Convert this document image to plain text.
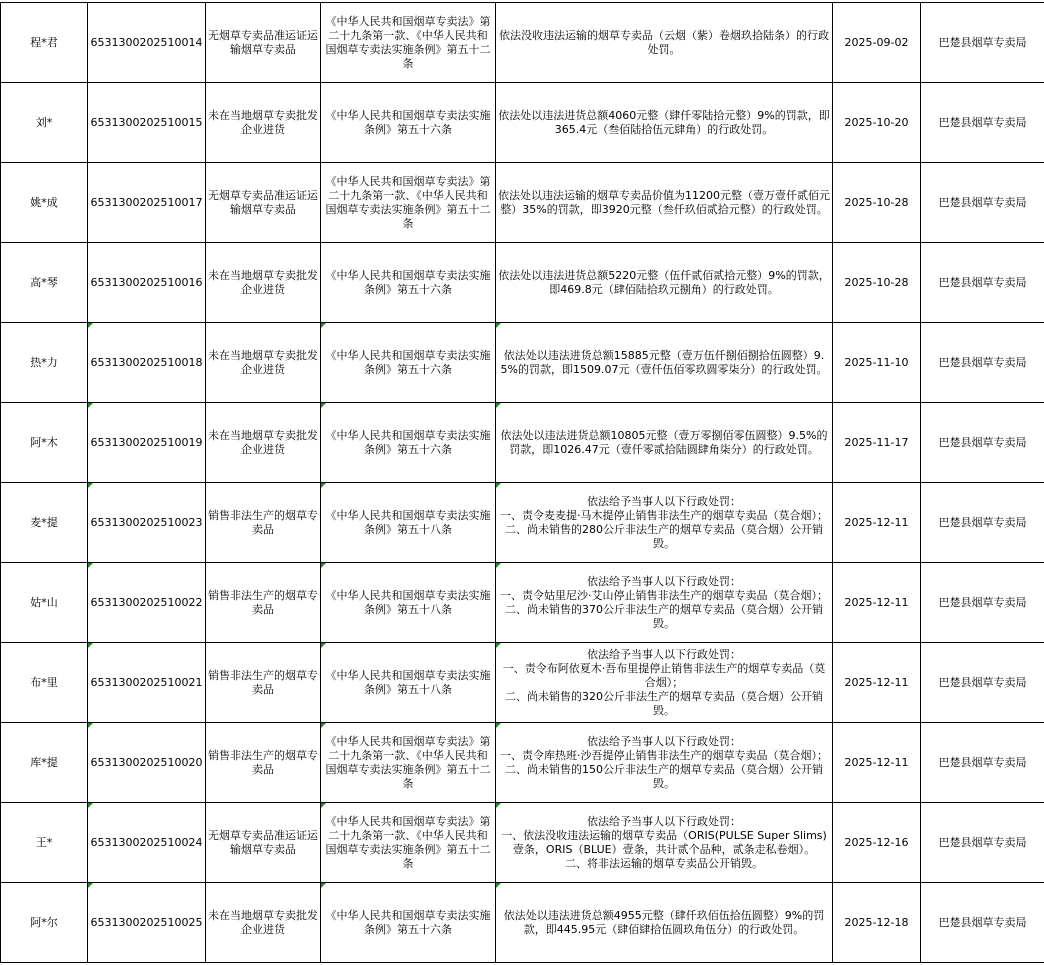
程*君	6531300202510014	无烟草专卖品准运证运输烟草专卖品	《中华人民共和国烟草专卖法》第二十九条第一款、《中华人民共和国烟草专卖法实施条例》第五十二条	依法没收违法运输的烟草专卖品（云烟（紫）卷烟玖拾陆条）的行政处罚。	2025-09-02	巴楚县烟草专卖局
刘*	6531300202510015	未在当地烟草专卖批发企业进货	《中华人民共和国烟草专卖法实施条例》第五十六条	依法处以违法进货总额4060元整（肆仟零陆拾元整）9%的罚款，即365.4元（叁佰陆拾伍元肆角）的行政处罚。	2025-10-20	巴楚县烟草专卖局
姚*成	6531300202510017	无烟草专卖品准运证运输烟草专卖品	《中华人民共和国烟草专卖法》第二十九条第一款、《中华人民共和国烟草专卖法实施条例》第五十二条	依法处以违法运输的烟草专卖品价值为11200元整（壹万壹仟贰佰元整）35%的罚款，即3920元整（叁仟玖佰贰拾元整）的行政处罚。	2025-10-28	巴楚县烟草专卖局
高*琴	6531300202510016	未在当地烟草专卖批发企业进货	《中华人民共和国烟草专卖法实施条例》第五十六条	依法处以违法进货总额5220元整（伍仟贰佰贰拾元整）9%的罚款，即469.8元（肆佰陆拾玖元捌角）的行政处罚。	2025-10-28	巴楚县烟草专卖局
热*力	6531300202510018	未在当地烟草专卖批发企业进货	《中华人民共和国烟草专卖法实施条例》第五十六条	依法处以违法进货总额15885元整（壹万伍仟捌佰捌拾伍圆整）9.5%的罚款，即1509.07元（壹仟伍佰零玖圆零柒分）的行政处罚。	2025-11-10	巴楚县烟草专卖局
阿*木	6531300202510019	未在当地烟草专卖批发企业进货	《中华人民共和国烟草专卖法实施条例》第五十六条	依法处以违法进货总额10805元整（壹万零捌佰零伍圆整）9.5%的罚款，即1026.47元（壹仟零贰拾陆圆肆角柒分）的行政处罚。	2025-11-17	巴楚县烟草专卖局
麦*提	6531300202510023	销售非法生产的烟草专卖品	《中华人民共和国烟草专卖法实施条例》第五十八条	依法给予当事人以下行政处罚：
一、责令麦麦提·马木提停止销售非法生产的烟草专卖品（莫合烟）；
二、尚未销售的280公斤非法生产的烟草专卖品（莫合烟）公开销毁。	2025-12-11	巴楚县烟草专卖局
姑*山	6531300202510022	销售非法生产的烟草专卖品	《中华人民共和国烟草专卖法实施条例》第五十八条	依法给予当事人以下行政处罚：
一、责令姑里尼沙·艾山停止销售非法生产的烟草专卖品（莫合烟）；
二、尚未销售的370公斤非法生产的烟草专卖品（莫合烟）公开销毁。	2025-12-11	巴楚县烟草专卖局
布*里	6531300202510021	销售非法生产的烟草专卖品	《中华人民共和国烟草专卖法实施条例》第五十八条	依法给予当事人以下行政处罚：
一、责令布阿依夏木·吾布里提停止销售非法生产的烟草专卖品（莫合烟）；
二、尚未销售的320公斤非法生产的烟草专卖品（莫合烟）公开销毁。	2025-12-11	巴楚县烟草专卖局
库*提	6531300202510020	销售非法生产的烟草专卖品	《中华人民共和国烟草专卖法》第二十九条第一款、《中华人民共和国烟草专卖法实施条例》第五十二条	依法给予当事人以下行政处罚：
一、责令库热班·沙吾提停止销售非法生产的烟草专卖品（莫合烟）；
二、尚未销售的150公斤非法生产的烟草专卖品（莫合烟）公开销毁。	2025-12-11	巴楚县烟草专卖局
王*	6531300202510024	无烟草专卖品准运证运输烟草专卖品	《中华人民共和国烟草专卖法》第二十九条第一款、《中华人民共和国烟草专卖法实施条例》第五十二条	依法给予当事人以下行政处罚：
一、依法没收违法运输的烟草专卖品（ORIS(PULSE Super Slims)壹条，ORIS（BLUE）壹条，共计贰个品种，贰条走私卷烟）。
二、将非法运输的烟草专卖品公开销毁。	2025-12-16	巴楚县烟草专卖局
阿*尔	6531300202510025	未在当地烟草专卖批发企业进货	《中华人民共和国烟草专卖法实施条例》第五十六条	依法处以违法进货总额4955元整（肆仟玖佰伍拾伍圆整）9%的罚款，即445.95元（肆佰肆拾伍圆玖角伍分）的行政处罚。	2025-12-18	巴楚县烟草专卖局
